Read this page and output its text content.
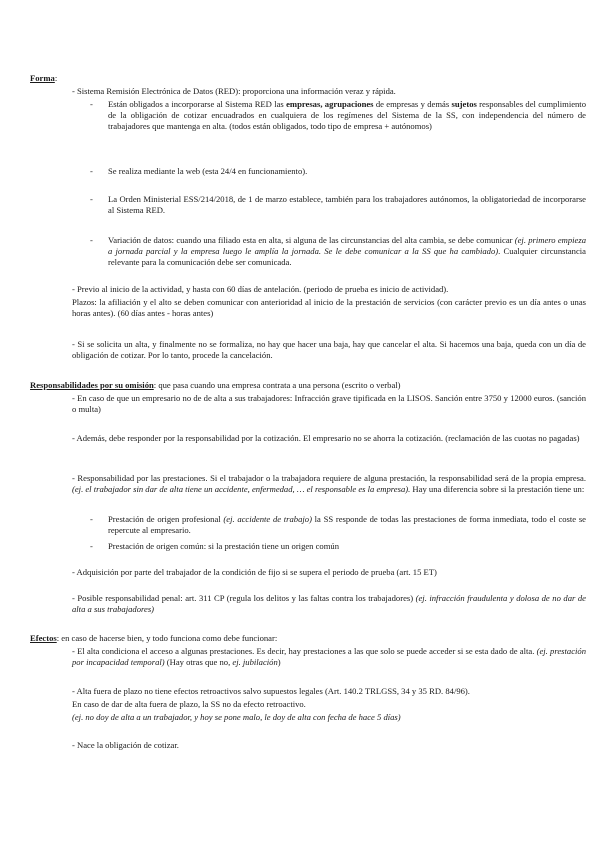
Forma:
- Sistema Remisión Electrónica de Datos (RED): proporciona una información veraz y rápida.
- Están obligados a incorporarse al Sistema RED las empresas, agrupaciones de empresas y demás sujetos responsables del cumplimiento de la obligación de cotizar encuadrados en cualquiera de los regímenes del Sistema de la SS, con independencia del número de trabajadores que mantenga en alta. (todos están obligados, todo tipo de empresa + autónomos)
- Se realiza mediante la web (esta 24/4 en funcionamiento).
- La Orden Ministerial ESS/214/2018, de 1 de marzo establece, también para los trabajadores autónomos, la obligatoriedad de incorporarse al Sistema RED.
- Variación de datos: cuando una filiado esta en alta, si alguna de las circunstancias del alta cambia, se debe comunicar (ej. primero empieza a jornada parcial y la empresa luego le amplía la jornada. Se le debe comunicar a la SS que ha cambiado). Cualquier circunstancia relevante para la comunicación debe ser comunicada.
- Previo al inicio de la actividad, y hasta con 60 días de antelación. (periodo de prueba es inicio de actividad).
Plazos: la afiliación y el alto se deben comunicar con anterioridad al inicio de la prestación de servicios (con carácter previo es un día antes o unas horas antes). (60 días antes - horas antes)
- Si se solicita un alta, y finalmente no se formaliza, no hay que hacer una baja, hay que cancelar el alta. Si hacemos una baja, queda con un día de obligación de cotizar. Por lo tanto, procede la cancelación.
Responsabilidades por su omisión: que pasa cuando una empresa contrata a una persona (escrito o verbal)
- En caso de que un empresario no de de alta a sus trabajadores: Infracción grave tipificada en la LISOS. Sanción entre 3750 y 12000 euros. (sanción o multa)
- Además, debe responder por la responsabilidad por la cotización. El empresario no se ahorra la cotización. (reclamación de las cuotas no pagadas)
- Responsabilidad por las prestaciones. Si el trabajador o la trabajadora requiere de alguna prestación, la responsabilidad será de la propia empresa. (ej. el trabajador sin dar de alta tiene un accidente, enfermedad, … el responsable es la empresa). Hay una diferencia sobre si la prestación tiene un:
- Prestación de origen profesional (ej. accidente de trabajo) la SS responde de todas las prestaciones de forma inmediata, todo el coste se repercute al empresario.
- Prestación de origen común: si la prestación tiene un origen común
- Adquisición por parte del trabajador de la condición de fijo si se supera el periodo de prueba (art. 15 ET)
- Posible responsabilidad penal: art. 311 CP (regula los delitos y las faltas contra los trabajadores) (ej. infracción fraudulenta y dolosa de no dar de alta a sus trabajadores)
Efectos: en caso de hacerse bien, y todo funciona como debe funcionar:
- El alta condiciona el acceso a algunas prestaciones. Es decir, hay prestaciones a las que solo se puede acceder si se esta dado de alta. (ej. prestación por incapacidad temporal) (Hay otras que no, ej. jubilación)
- Alta fuera de plazo no tiene efectos retroactivos salvo supuestos legales (Art. 140.2 TRLGSS, 34 y 35 RD. 84/96).
En caso de dar de alta fuera de plazo, la SS no da efecto retroactivo.
(ej. no doy de alta a un trabajador, y hoy se pone malo, le doy de alta con fecha de hace 5 días)
- Nace la obligación de cotizar.
